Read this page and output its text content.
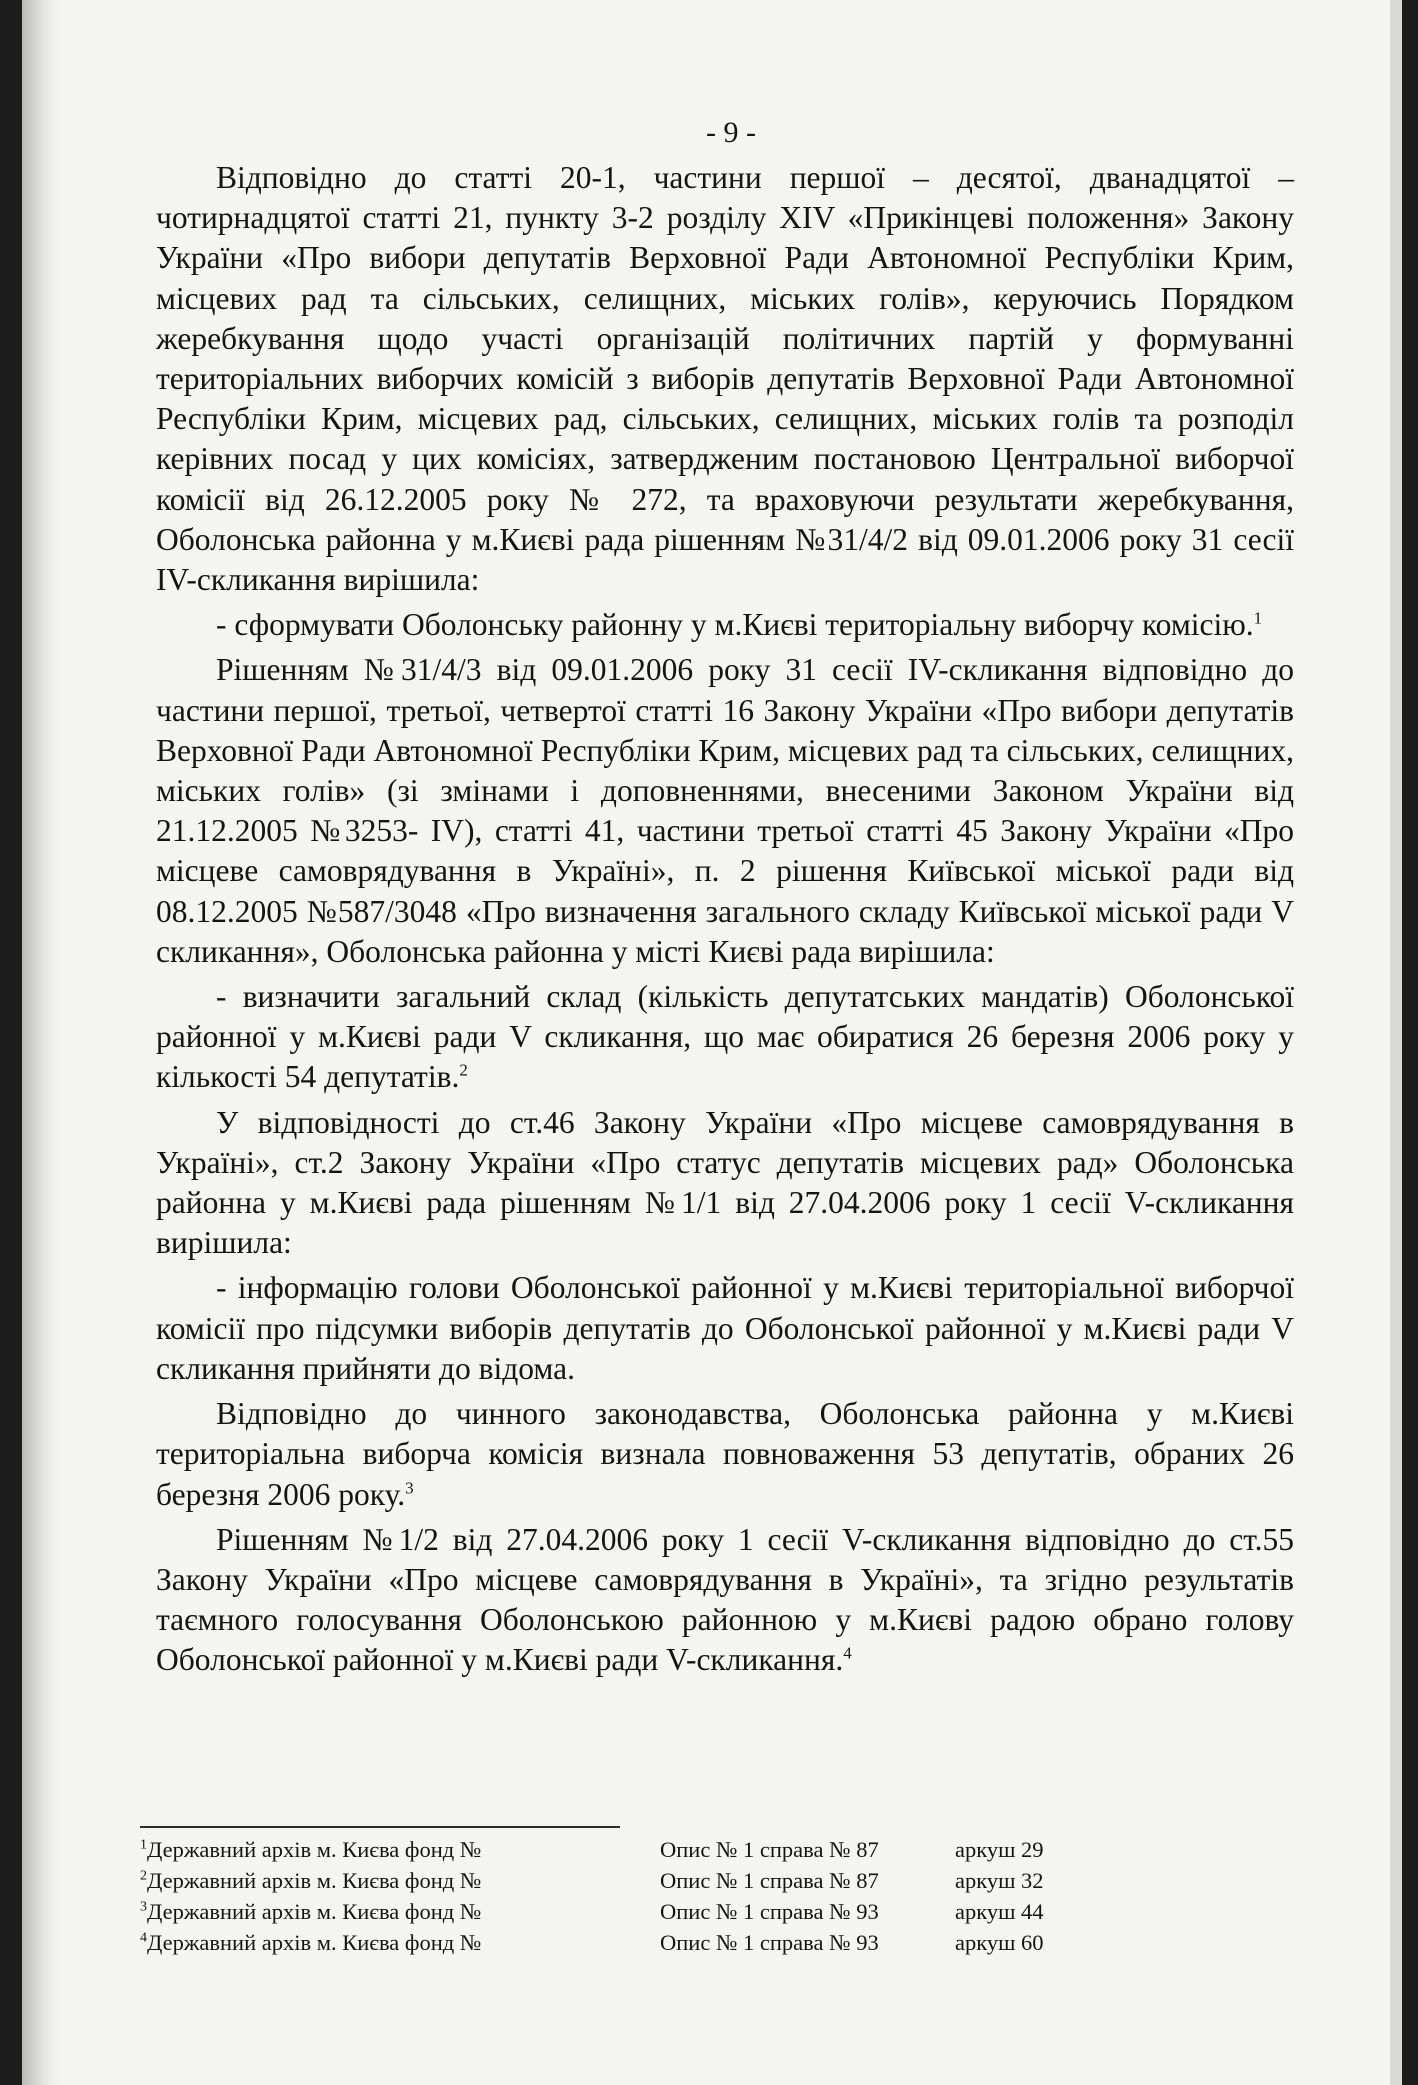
- 9 -

Відповідно до статті 20-1, частини першої – десятої, дванадцятої – чотирнадцятої статті 21, пункту 3-2 розділу XIV «Прикінцеві положення» Закону України «Про вибори депутатів Верховної Ради Автономної Республіки Крим, місцевих рад та сільських, селищних, міських голів», керуючись Порядком жеребкування щодо участі організацій політичних партій у формуванні територіальних виборчих комісій з виборів депутатів Верховної Ради Автономної Республіки Крим, місцевих рад, сільських, селищних, міських голів та розподіл керівних посад у цих комісіях, затвердженим постановою Центральної виборчої комісії від 26.12.2005 року № 272, та враховуючи результати жеребкування, Оболонська районна у м.Києві рада рішенням №31/4/2 від 09.01.2006 року 31 сесії IV-скликання вирішила:

- сформувати Оболонську районну у м.Києві територіальну виборчу комісію.$^1$

Рішенням №31/4/3 від 09.01.2006 року 31 сесії IV-скликання відповідно до частини першої, третьої, четвертої статті 16 Закону України «Про вибори депутатів Верховної Ради Автономної Республіки Крим, місцевих рад та сільських, селищних, міських голів» (зі змінами і доповненнями, внесеними Законом України від 21.12.2005 №3253- IV), статті 41, частини третьої статті 45 Закону України «Про місцеве самоврядування в Україні», п. 2 рішення Київської міської ради від 08.12.2005 №587/3048 «Про визначення загального складу Київської міської ради V скликання», Оболонська районна у місті Києві рада вирішила:

- визначити загальний склад (кількість депутатських мандатів) Оболонської районної у м.Києві ради V скликання, що має обиратися 26 березня 2006 року у кількості 54 депутатів.$^2$

У відповідності до ст.46 Закону України «Про місцеве самоврядування в Україні», ст.2 Закону України «Про статус депутатів місцевих рад» Оболонська районна у м.Києві рада рішенням №1/1 від 27.04.2006 року 1 сесії V-скликання вирішила:

- інформацію голови Оболонської районної у м.Києві територіальної виборчої комісії про підсумки виборів депутатів до Оболонської районної у м.Києві ради V скликання прийняти до відома.

Відповідно до чинного законодавства, Оболонська районна у м.Києві територіальна виборча комісія визнала повноваження 53 депутатів, обраних 26 березня 2006 року.$^3$

Рішенням №1/2 від 27.04.2006 року 1 сесії V-скликання відповідно до ст.55 Закону України «Про місцеве самоврядування в Україні», та згідно результатів таємного голосування Оболонською районною у м.Києві радою обрано голову Оболонської районної у м.Києві ради V-скликання.$^4$

$^1$Державний архів м. Києва фонд №	Опис № 1 справа № 87	аркуш 29
$^2$Державний архів м. Києва фонд №	Опис № 1 справа № 87	аркуш 32
$^3$Державний архів м. Києва фонд №	Опис № 1 справа № 93	аркуш 44
$^4$Державний архів м. Києва фонд №	Опис № 1 справа № 93	аркуш 60
